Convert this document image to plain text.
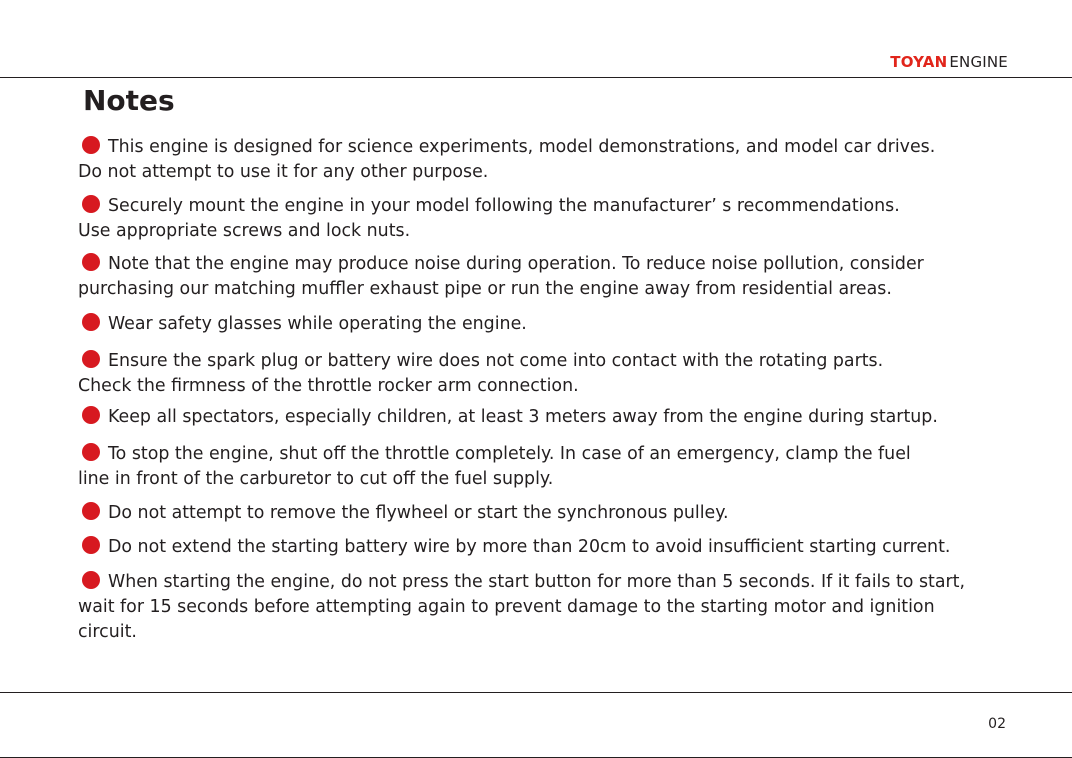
TOYAN ENGINE
Notes
This engine is designed for science experiments, model demonstrations, and model car drives.
Do not attempt to use it for any other purpose.
Securely mount the engine in your model following the manufacturer’ s recommendations.
Use appropriate screws and lock nuts.
Note that the engine may produce noise during operation. To reduce noise pollution, consider
purchasing our matching muffler exhaust pipe or run the engine away from residential areas.
Wear safety glasses while operating the engine.
Ensure the spark plug or battery wire does not come into contact with the rotating parts.
Check the firmness of the throttle rocker arm connection.
Keep all spectators, especially children, at least 3 meters away from the engine during startup.
To stop the engine, shut off the throttle completely. In case of an emergency, clamp the fuel
line in front of the carburetor to cut off the fuel supply.
Do not attempt to remove the flywheel or start the synchronous pulley.
Do not extend the starting battery wire by more than 20cm to avoid insufficient starting current.
When starting the engine, do not press the start button for more than 5 seconds. If it fails to start,
wait for 15 seconds before attempting again to prevent damage to the starting motor and ignition
circuit.
02
